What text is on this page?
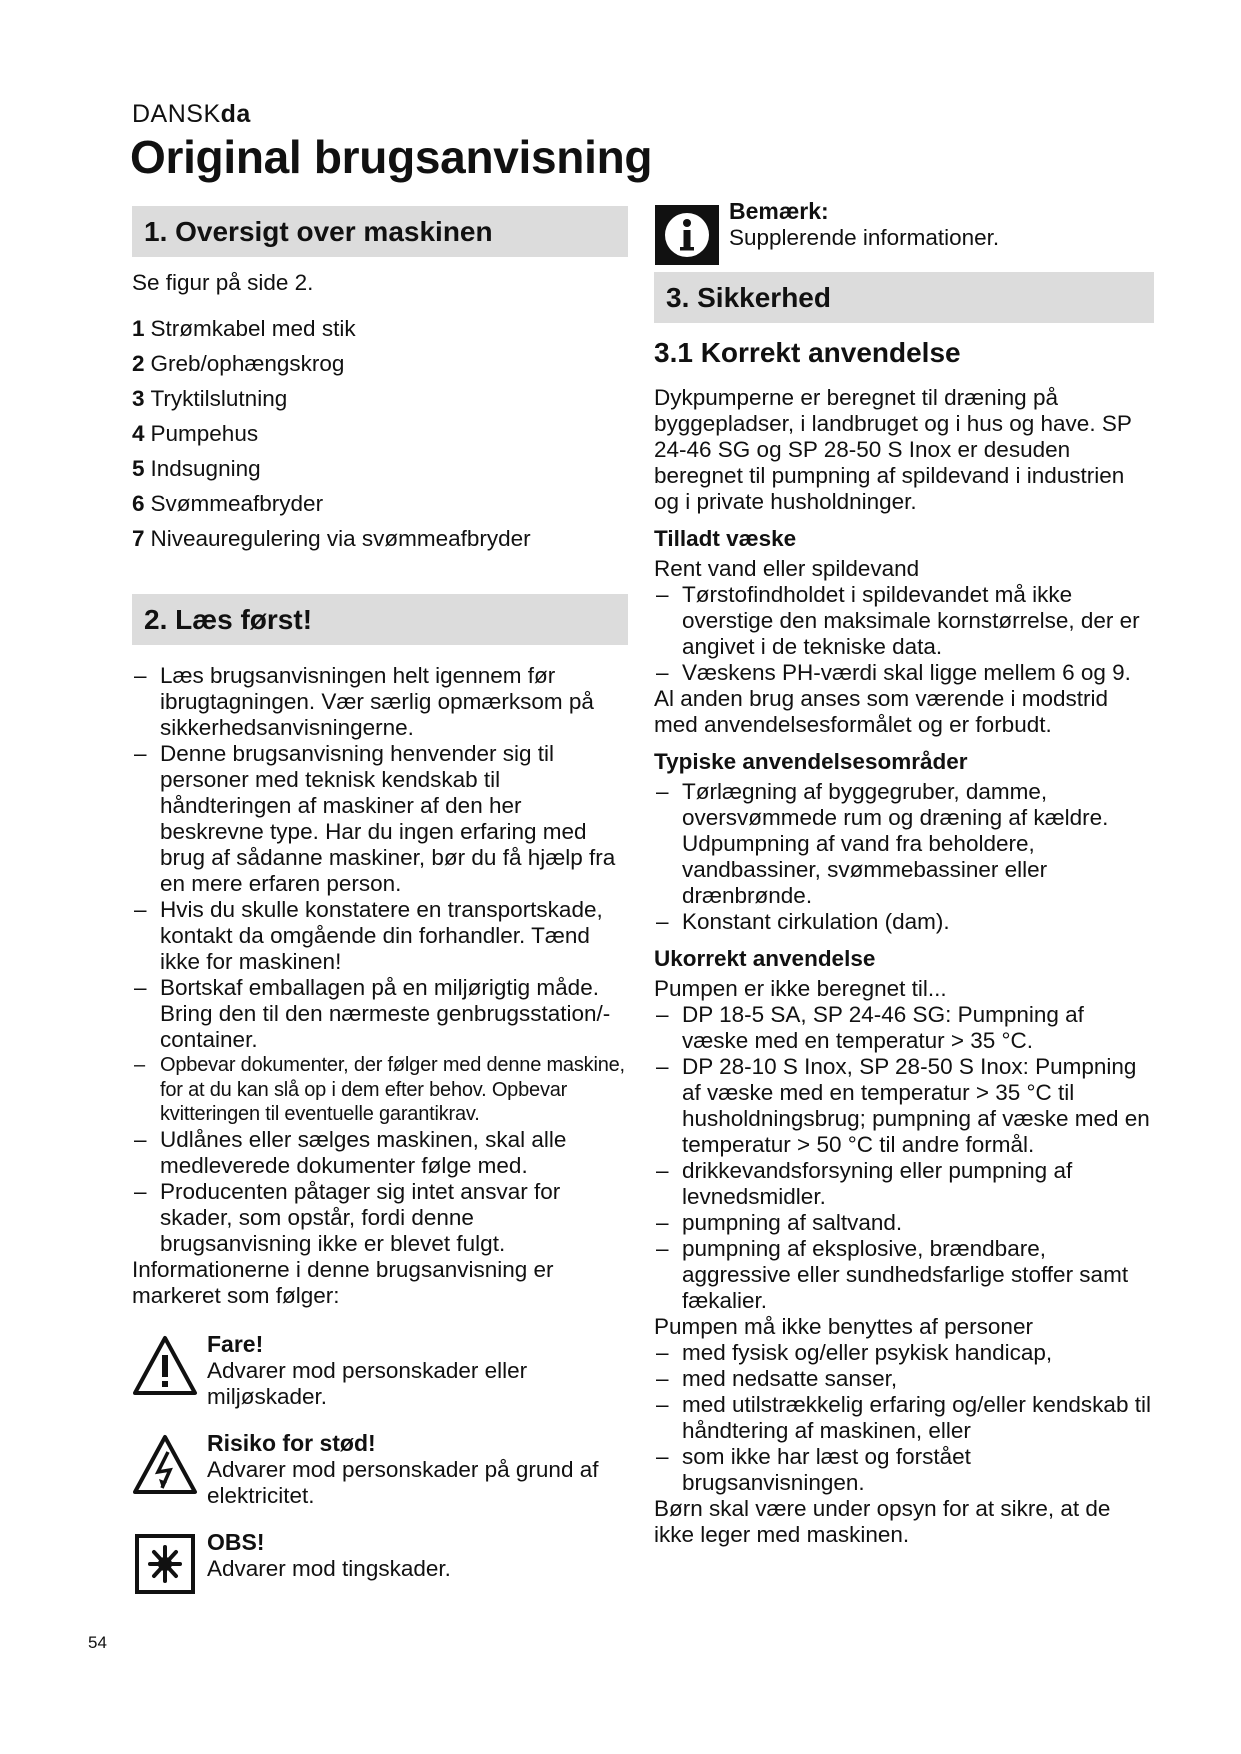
DANSKda
Original brugsanvisning
1. Oversigt over maskinen

Se figur på side 2.

1 Strømkabel med stik
2 Greb/ophængskrog
3 Tryktilslutning
4 Pumpehus
5 Indsugning
6 Svømmeafbryder
7 Niveauregulering via svømmeafbryder
2. Læs først!
– Læs brugsanvisningen helt igennem før ibrugtagningen. Vær særlig opmærksom på sikkerhedsanvisningerne.
– Denne brugsanvisning henvender sig til personer med teknisk kendskab til håndteringen af maskiner af den her beskrevne type. Har du ingen erfaring med brug af sådanne maskiner, bør du få hjælp fra en mere erfaren person.
– Hvis du skulle konstatere en transportskade, kontakt da omgående din forhandler. Tænd ikke for maskinen!
– Bortskaf emballagen på en miljørigtig måde. Bring den til den nærmeste genbrugsstation/-container.
– Opbevar dokumenter, der følger med denne maskine, for at du kan slå op i dem efter behov. Opbevar kvitteringen til eventuelle garantikrav.
– Udlånes eller sælges maskinen, skal alle medleverede dokumenter følge med.
– Producenten påtager sig intet ansvar for skader, som opstår, fordi denne brugsanvisning ikke er blevet fulgt.

Informationerne i denne brugsanvisning er markeret som følger:

Fare!
Advarer mod personskader eller miljøskader.
Risiko for stød!
Advarer mod personskader på grund af elektricitet.
OBS!
Advarer mod tingskader.
Bemærk:
Supplerende informationer.
3. Sikkerhed
3.1 Korrekt anvendelse

Dykpumperne er beregnet til dræning på byggepladser, i landbruget og i hus og have. SP 24-46 SG og SP 28-50 S Inox er desuden beregnet til pumpning af spildevand i industrien og i private husholdninger.

Tilladt væske

Rent vand eller spildevand

– Tørstofindholdet i spildevandet må ikke overstige den maksimale kornstørrelse, der er angivet i de tekniske data.
– Væskens PH-værdi skal ligge mellem 6 og 9.

Al anden brug anses som værende i modstrid med anvendelsesformålet og er forbudt.

Typiske anvendelsesområder
– Tørlægning af byggegruber, damme, oversvømmede rum og dræning af kældre. Udpumpning af vand fra beholdere, vandbassiner, svømmebassiner eller drænbrønde.
– Konstant cirkulation (dam).
Ukorrekt anvendelse

Pumpen er ikke beregnet til...

– DP 18-5 SA, SP 24-46 SG: Pumpning af væske med en temperatur > 35 °C.
– DP 28-10 S Inox, SP 28-50 S Inox: Pumpning af væske med en temperatur > 35 °C til husholdningsbrug; pumpning af væske med en temperatur > 50 °C til andre formål.
– drikkevandsforsyning eller pumpning af levnedsmidler.
– pumpning af saltvand.
– pumpning af eksplosive, brændbare, aggressive eller sundhedsfarlige stoffer samt fækalier.

Pumpen må ikke benyttes af personer

– med fysisk og/eller psykisk handicap,
– med nedsatte sanser,
– med utilstrækkelig erfaring og/eller kendskab til håndtering af maskinen, eller
– som ikke har læst og forstået brugsanvisningen.

Børn skal være under opsyn for at sikre, at de ikke leger med maskinen.

54
